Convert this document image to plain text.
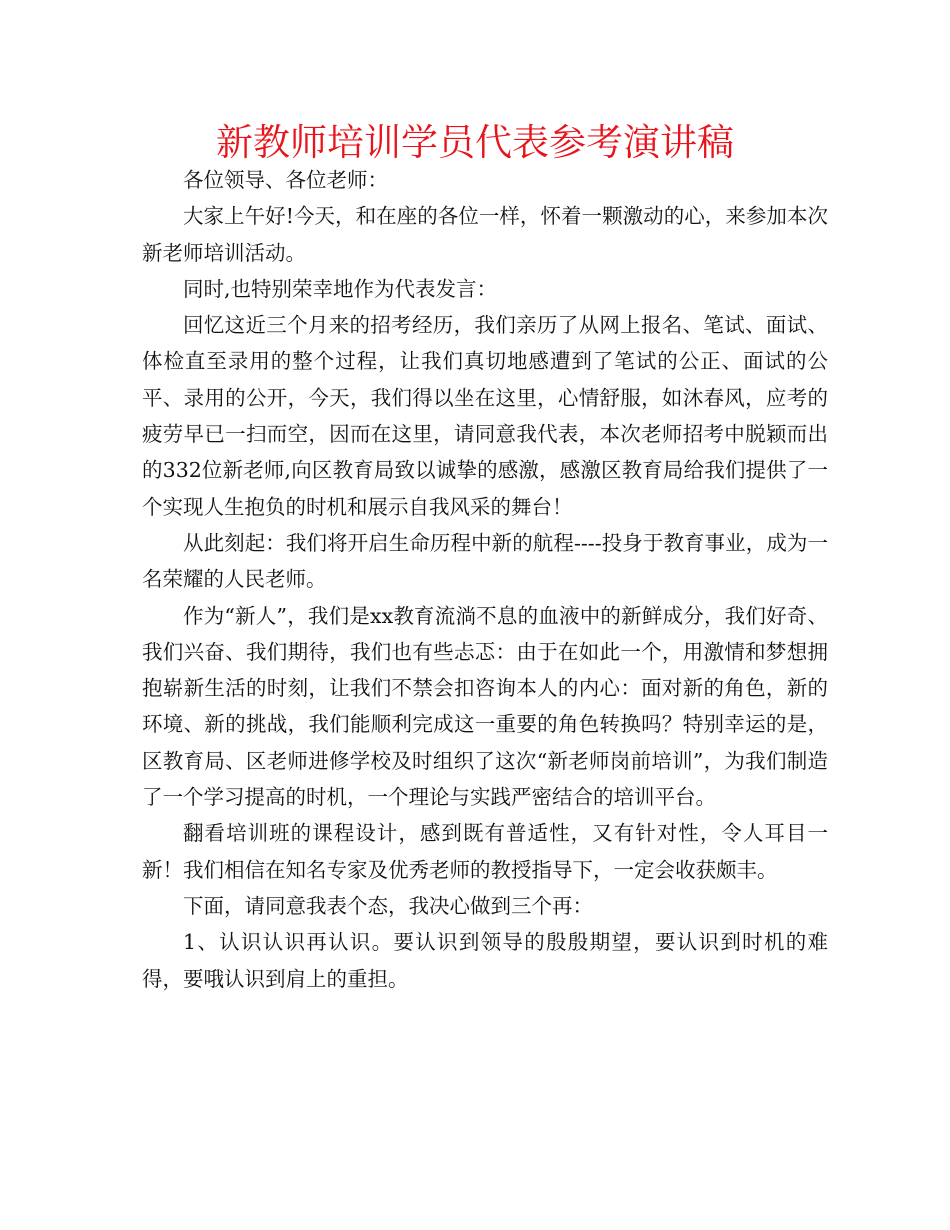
新教师培训学员代表参考演讲稿

各位领导、各位老师：

大家上午好!今天，和在座的各位一样，怀着一颗激动的心，来参加本次新老师培训活动。

同时,也特别荣幸地作为代表发言：

回忆这近三个月来的招考经历，我们亲历了从网上报名、笔试、面试、体检直至录用的整个过程，让我们真切地感遭到了笔试的公正、面试的公平、录用的公开，今天，我们得以坐在这里，心情舒服，如沐春风，应考的疲劳早已一扫而空，因而在这里，请同意我代表，本次老师招考中脱颖而出的332位新老师,向区教育局致以诚挚的感激，感激区教育局给我们提供了一个实现人生抱负的时机和展示自我风采的舞台！

从此刻起：我们将开启生命历程中新的航程----投身于教育事业，成为一名荣耀的人民老师。

作为“新人”，我们是xx教育流淌不息的血液中的新鲜成分，我们好奇、我们兴奋、我们期待，我们也有些忐忑：由于在如此一个，用激情和梦想拥抱崭新生活的时刻，让我们不禁会扣咨询本人的内心：面对新的角色，新的环境、新的挑战，我们能顺利完成这一重要的角色转换吗？特别幸运的是，区教育局、区老师进修学校及时组织了这次“新老师岗前培训”，为我们制造了一个学习提高的时机，一个理论与实践严密结合的培训平台。

翻看培训班的课程设计，感到既有普适性，又有针对性，令人耳目一新！我们相信在知名专家及优秀老师的教授指导下，一定会收获颇丰。

下面，请同意我表个态，我决心做到三个再：

1、认识认识再认识。要认识到领导的殷殷期望，要认识到时机的难得，要哦认识到肩上的重担。
